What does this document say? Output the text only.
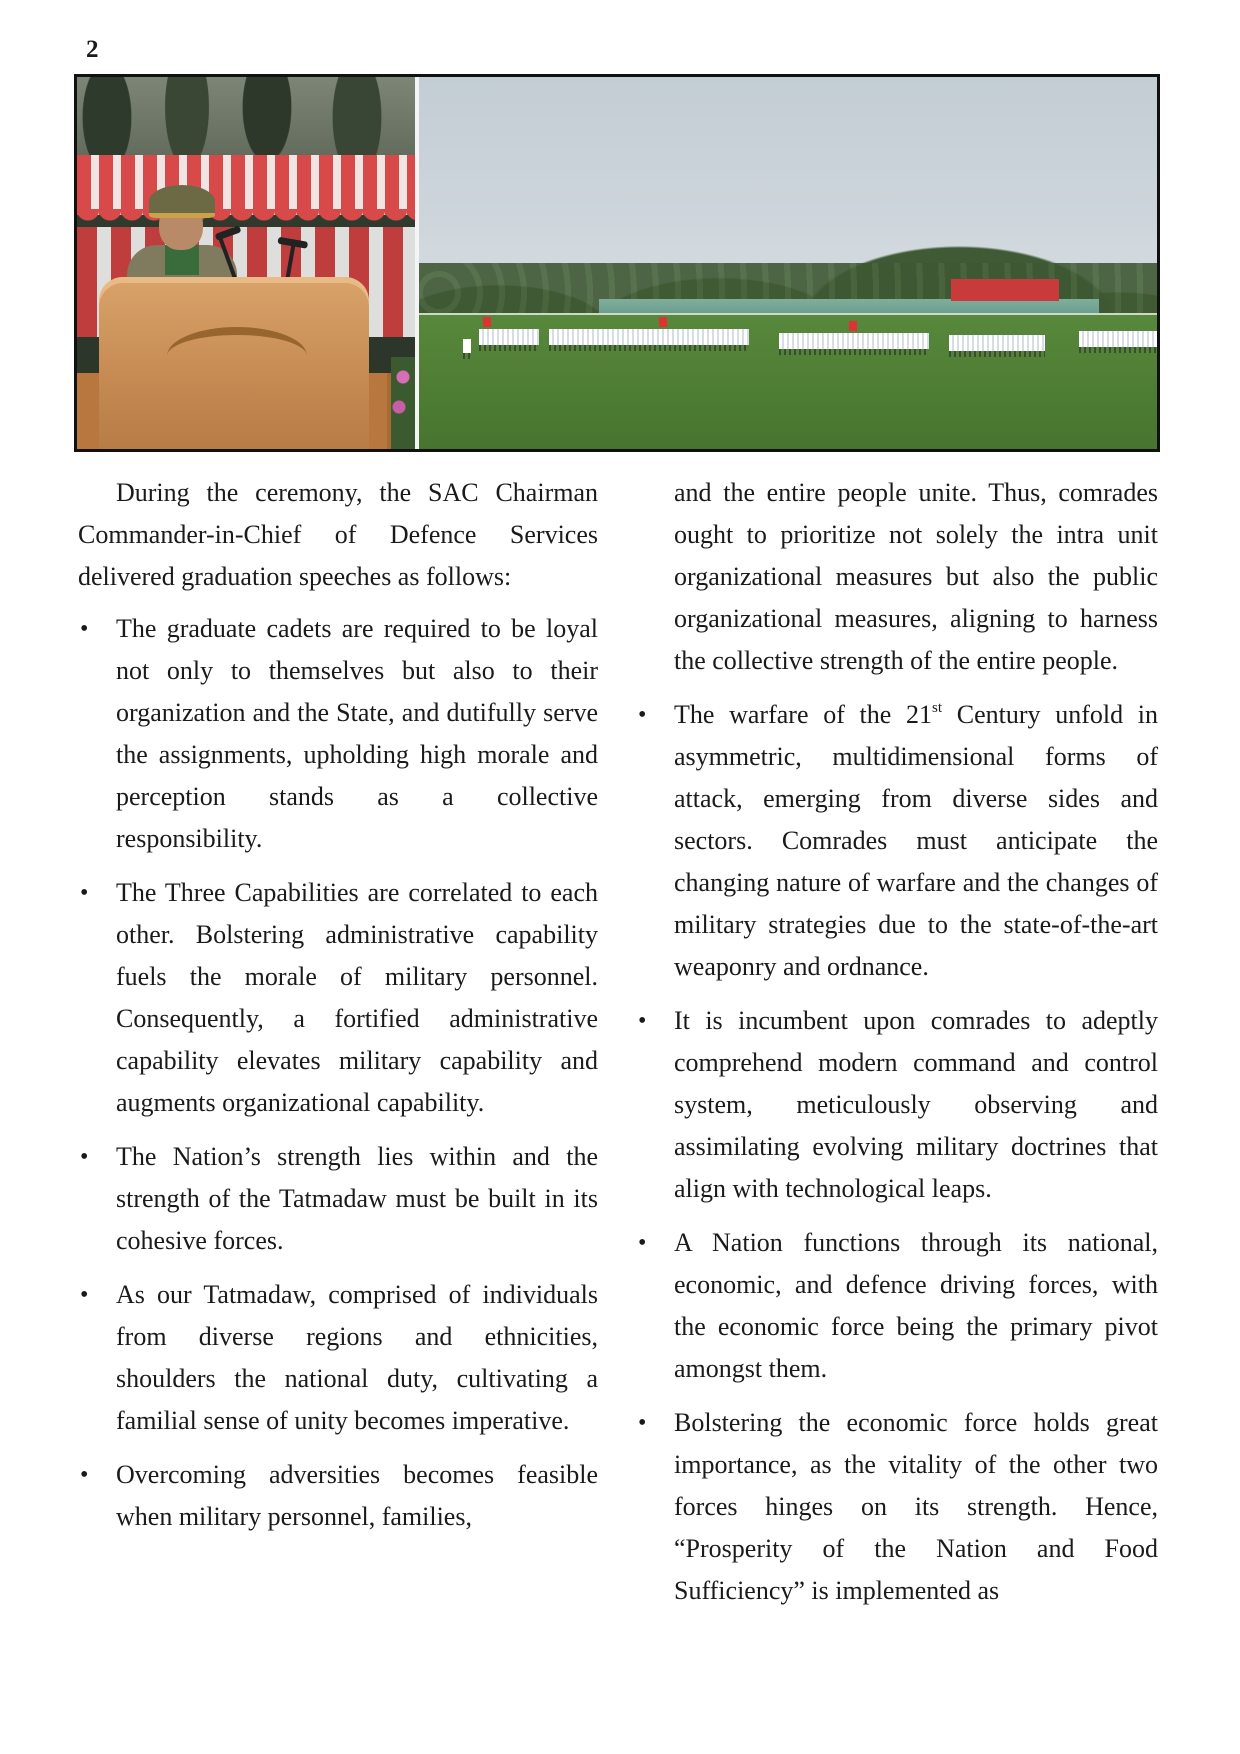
2

During the ceremony, the SAC Chairman Commander-in-Chief of Defence Services delivered graduation speeches as follows:

• The graduate cadets are required to be loyal not only to themselves but also to their organization and the State, and dutifully serve the assignments, upholding high morale and perception stands as a collective responsibility.
• The Three Capabilities are correlated to each other. Bolstering administrative capability fuels the morale of military personnel. Consequently, a fortified administrative capability elevates military capability and augments organizational capability.
• The Nation’s strength lies within and the strength of the Tatmadaw must be built in its cohesive forces.
• As our Tatmadaw, comprised of individuals from diverse regions and ethnicities, shoulders the national duty, cultivating a familial sense of unity becomes imperative.
• Overcoming adversities becomes feasible when military personnel, families,

and the entire people unite. Thus, comrades ought to prioritize not solely the intra unit organizational measures but also the public organizational measures, aligning to harness the collective strength of the entire people.

• The warfare of the 21st Century unfold in asymmetric, multidimensional forms of attack, emerging from diverse sides and sectors. Comrades must anticipate the changing nature of warfare and the changes of military strategies due to the state-of-the-art weaponry and ordnance.
• It is incumbent upon comrades to adeptly comprehend modern command and control system, meticulously observing and assimilating evolving military doctrines that align with technological leaps.
• A Nation functions through its national, economic, and defence driving forces, with the economic force being the primary pivot amongst them.
• Bolstering the economic force holds great importance, as the vitality of the other two forces hinges on its strength. Hence, “Prosperity of the Nation and Food Sufficiency” is implemented as
